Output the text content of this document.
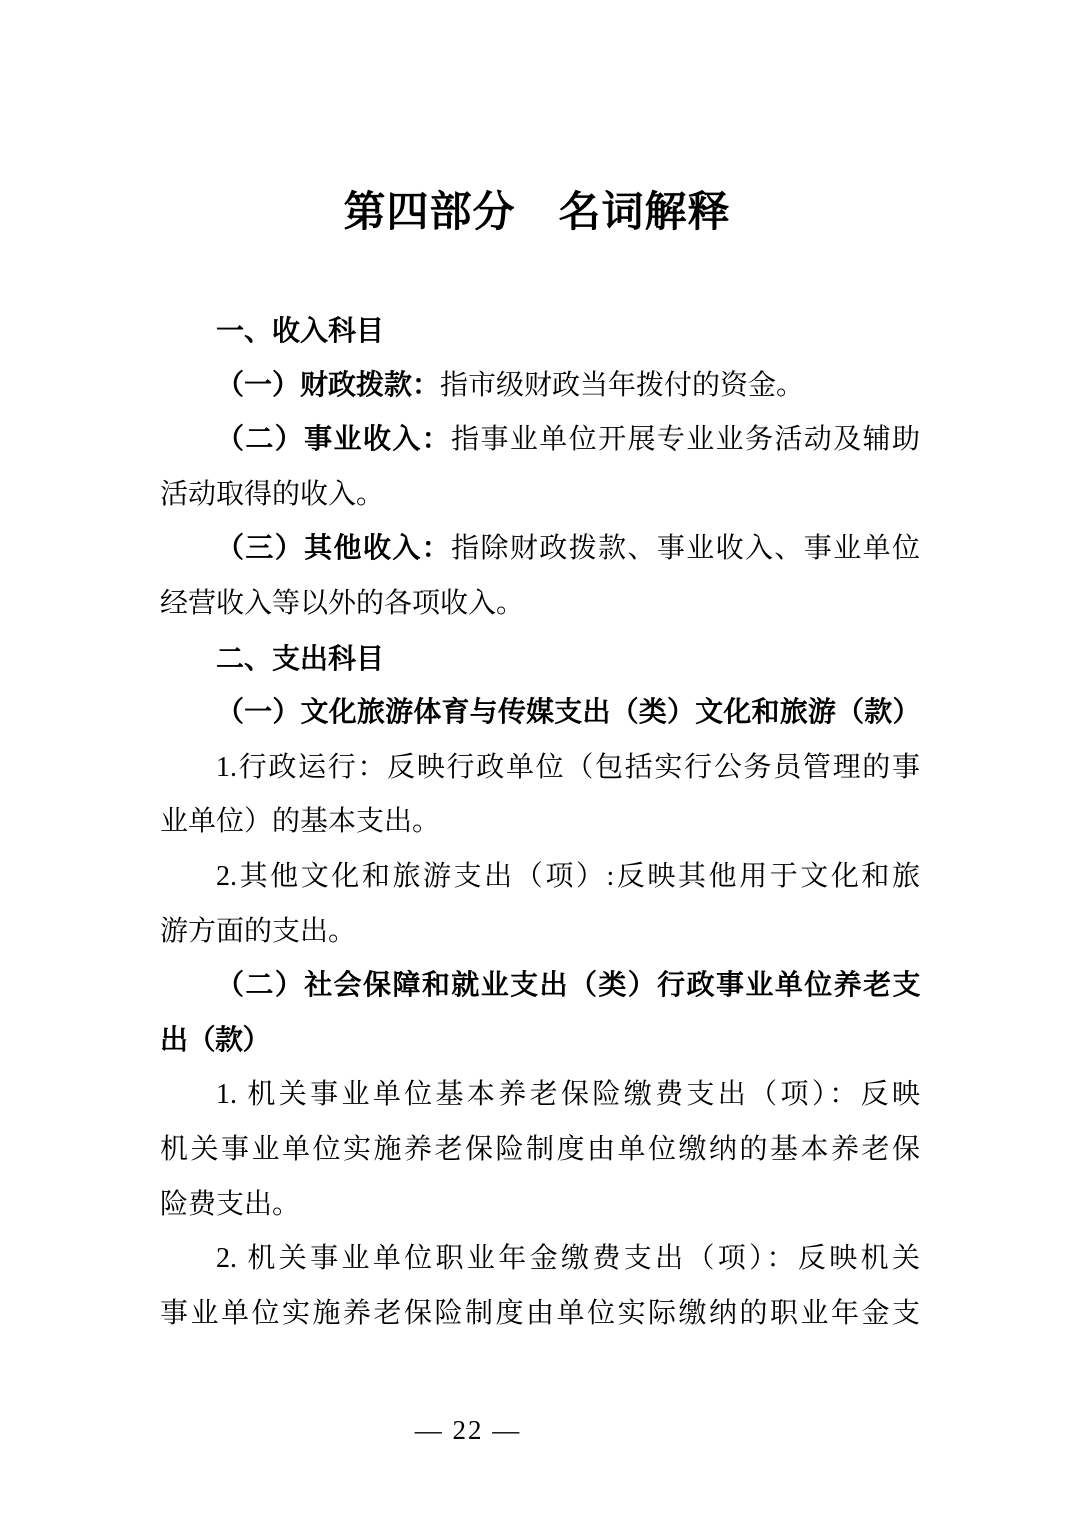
第四部分　名词解释
一、收入科目
（一）财政拨款：指市级财政当年拨付的资金。
（二）事业收入：指事业单位开展专业业务活动及辅助
活动取得的收入。
（三）其他收入：指除财政拨款、事业收入、事业单位
经营收入等以外的各项收入。
二、支出科目
（一）文化旅游体育与传媒支出（类）文化和旅游（款）
1.行政运行：反映行政单位（包括实行公务员管理的事
业单位）的基本支出。
2.其他文化和旅游支出（项）:反映其他用于文化和旅
游方面的支出。
（二）社会保障和就业支出（类）行政事业单位养老支
出（款）
1. 机关事业单位基本养老保险缴费支出（项）：反映
机关事业单位实施养老保险制度由单位缴纳的基本养老保
险费支出。
2. 机关事业单位职业年金缴费支出（项）：反映机关
事业单位实施养老保险制度由单位实际缴纳的职业年金支
— 22 —
